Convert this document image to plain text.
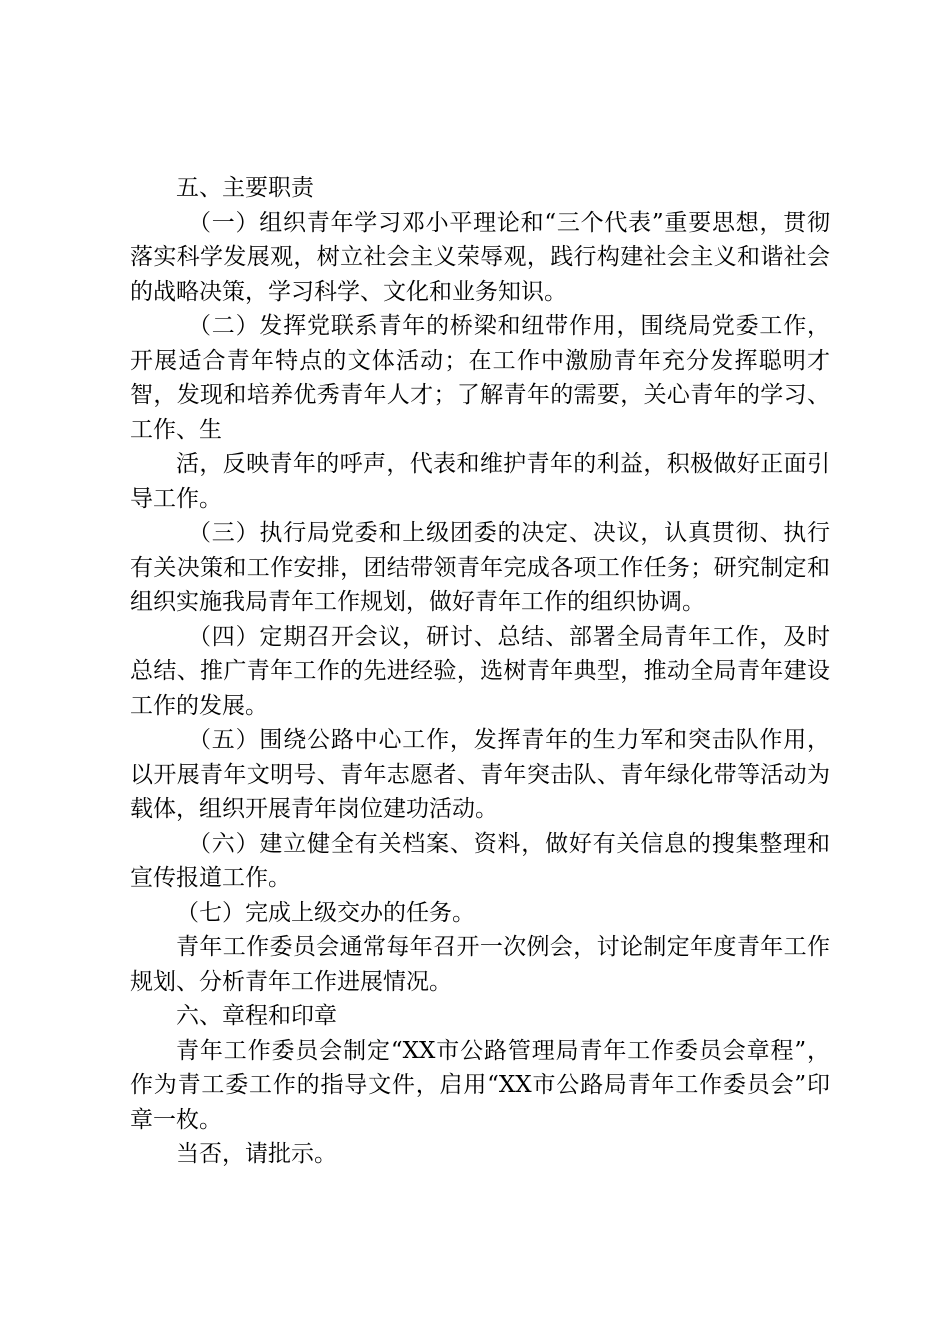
五、主要职责

（一）组织青年学习邓小平理论和“三个代表”重要思想，贯彻落实科学发展观，树立社会主义荣辱观，践行构建社会主义和谐社会的战略决策，学习科学、文化和业务知识。

（二）发挥党联系青年的桥梁和纽带作用，围绕局党委工作，开展适合青年特点的文体活动；在工作中激励青年充分发挥聪明才智，发现和培养优秀青年人才；了解青年的需要，关心青年的学习、工作、生

活，反映青年的呼声，代表和维护青年的利益，积极做好正面引导工作。

（三）执行局党委和上级团委的决定、决议，认真贯彻、执行有关决策和工作安排，团结带领青年完成各项工作任务；研究制定和组织实施我局青年工作规划，做好青年工作的组织协调。

（四）定期召开会议，研讨、总结、部署全局青年工作，及时总结、推广青年工作的先进经验，选树青年典型，推动全局青年建设工作的发展。

（五）围绕公路中心工作，发挥青年的生力军和突击队作用，以开展青年文明号、青年志愿者、青年突击队、青年绿化带等活动为载体，组织开展青年岗位建功活动。

（六）建立健全有关档案、资料，做好有关信息的搜集整理和宣传报道工作。

（七）完成上级交办的任务。

青年工作委员会通常每年召开一次例会，讨论制定年度青年工作规划、分析青年工作进展情况。

六、章程和印章

青年工作委员会制定“XX市公路管理局青年工作委员会章程”，作为青工委工作的指导文件，启用“XX市公路局青年工作委员会”印章一枚。

当否，请批示。
